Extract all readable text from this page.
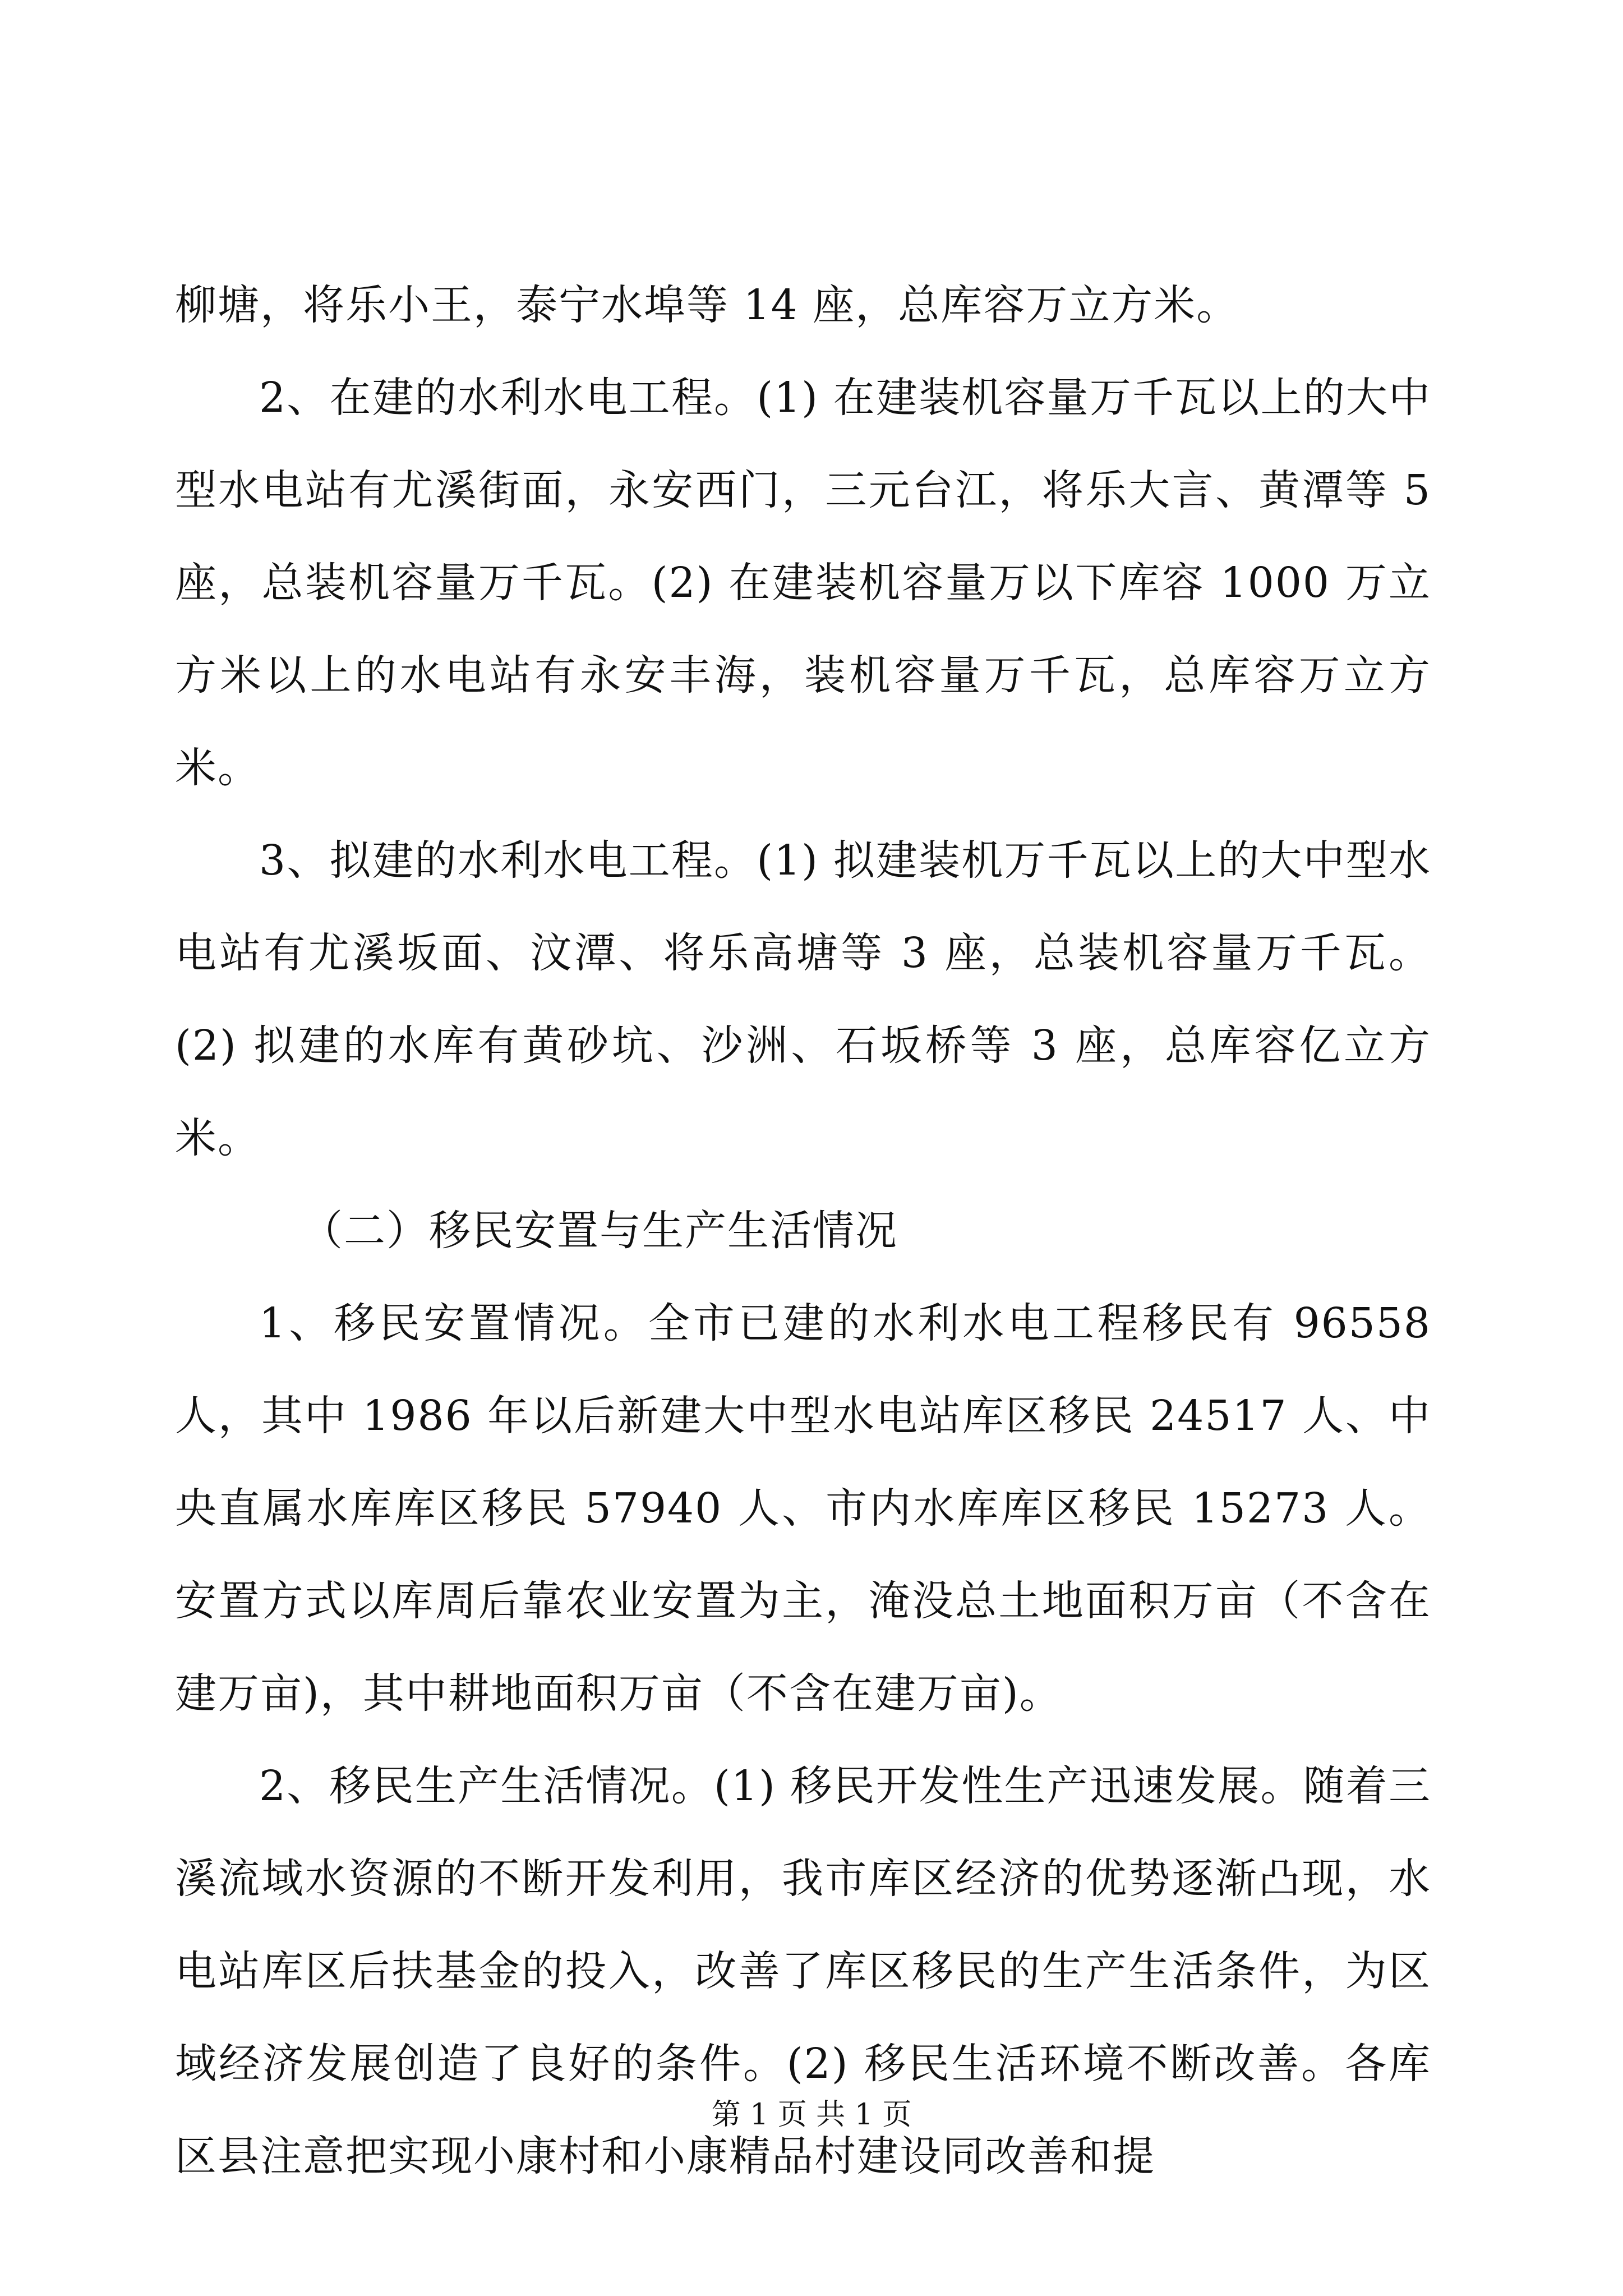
柳塘，将乐小王，泰宁水埠等 14 座，总库容万立方米。

2、在建的水利水电工程。(1) 在建装机容量万千瓦以上的大中型水电站有尤溪街面，永安西门，三元台江，将乐大言、黄潭等 5 座，总装机容量万千瓦。(2) 在建装机容量万以下库容 1000 万立方米以上的水电站有永安丰海，装机容量万千瓦，总库容万立方米。

3、拟建的水利水电工程。(1) 拟建装机万千瓦以上的大中型水电站有尤溪坂面、汶潭、将乐高塘等 3 座，总装机容量万千瓦。(2) 拟建的水库有黄砂坑、沙洲、石坂桥等 3 座，总库容亿立方米。

（二）移民安置与生产生活情况

1、移民安置情况。全市已建的水利水电工程移民有 96558 人，其中 1986 年以后新建大中型水电站库区移民 24517 人、中央直属水库库区移民 57940 人、市内水库库区移民 15273 人。安置方式以库周后靠农业安置为主，淹没总土地面积万亩（不含在建万亩)，其中耕地面积万亩（不含在建万亩)。

2、移民生产生活情况。(1) 移民开发性生产迅速发展。随着三溪流域水资源的不断开发利用，我市库区经济的优势逐渐凸现，水电站库区后扶基金的投入，改善了库区移民的生产生活条件，为区域经济发展创造了良好的条件。(2) 移民生活环境不断改善。各库区县注意把实现小康村和小康精品村建设同改善和提

第 1 页 共 1 页
